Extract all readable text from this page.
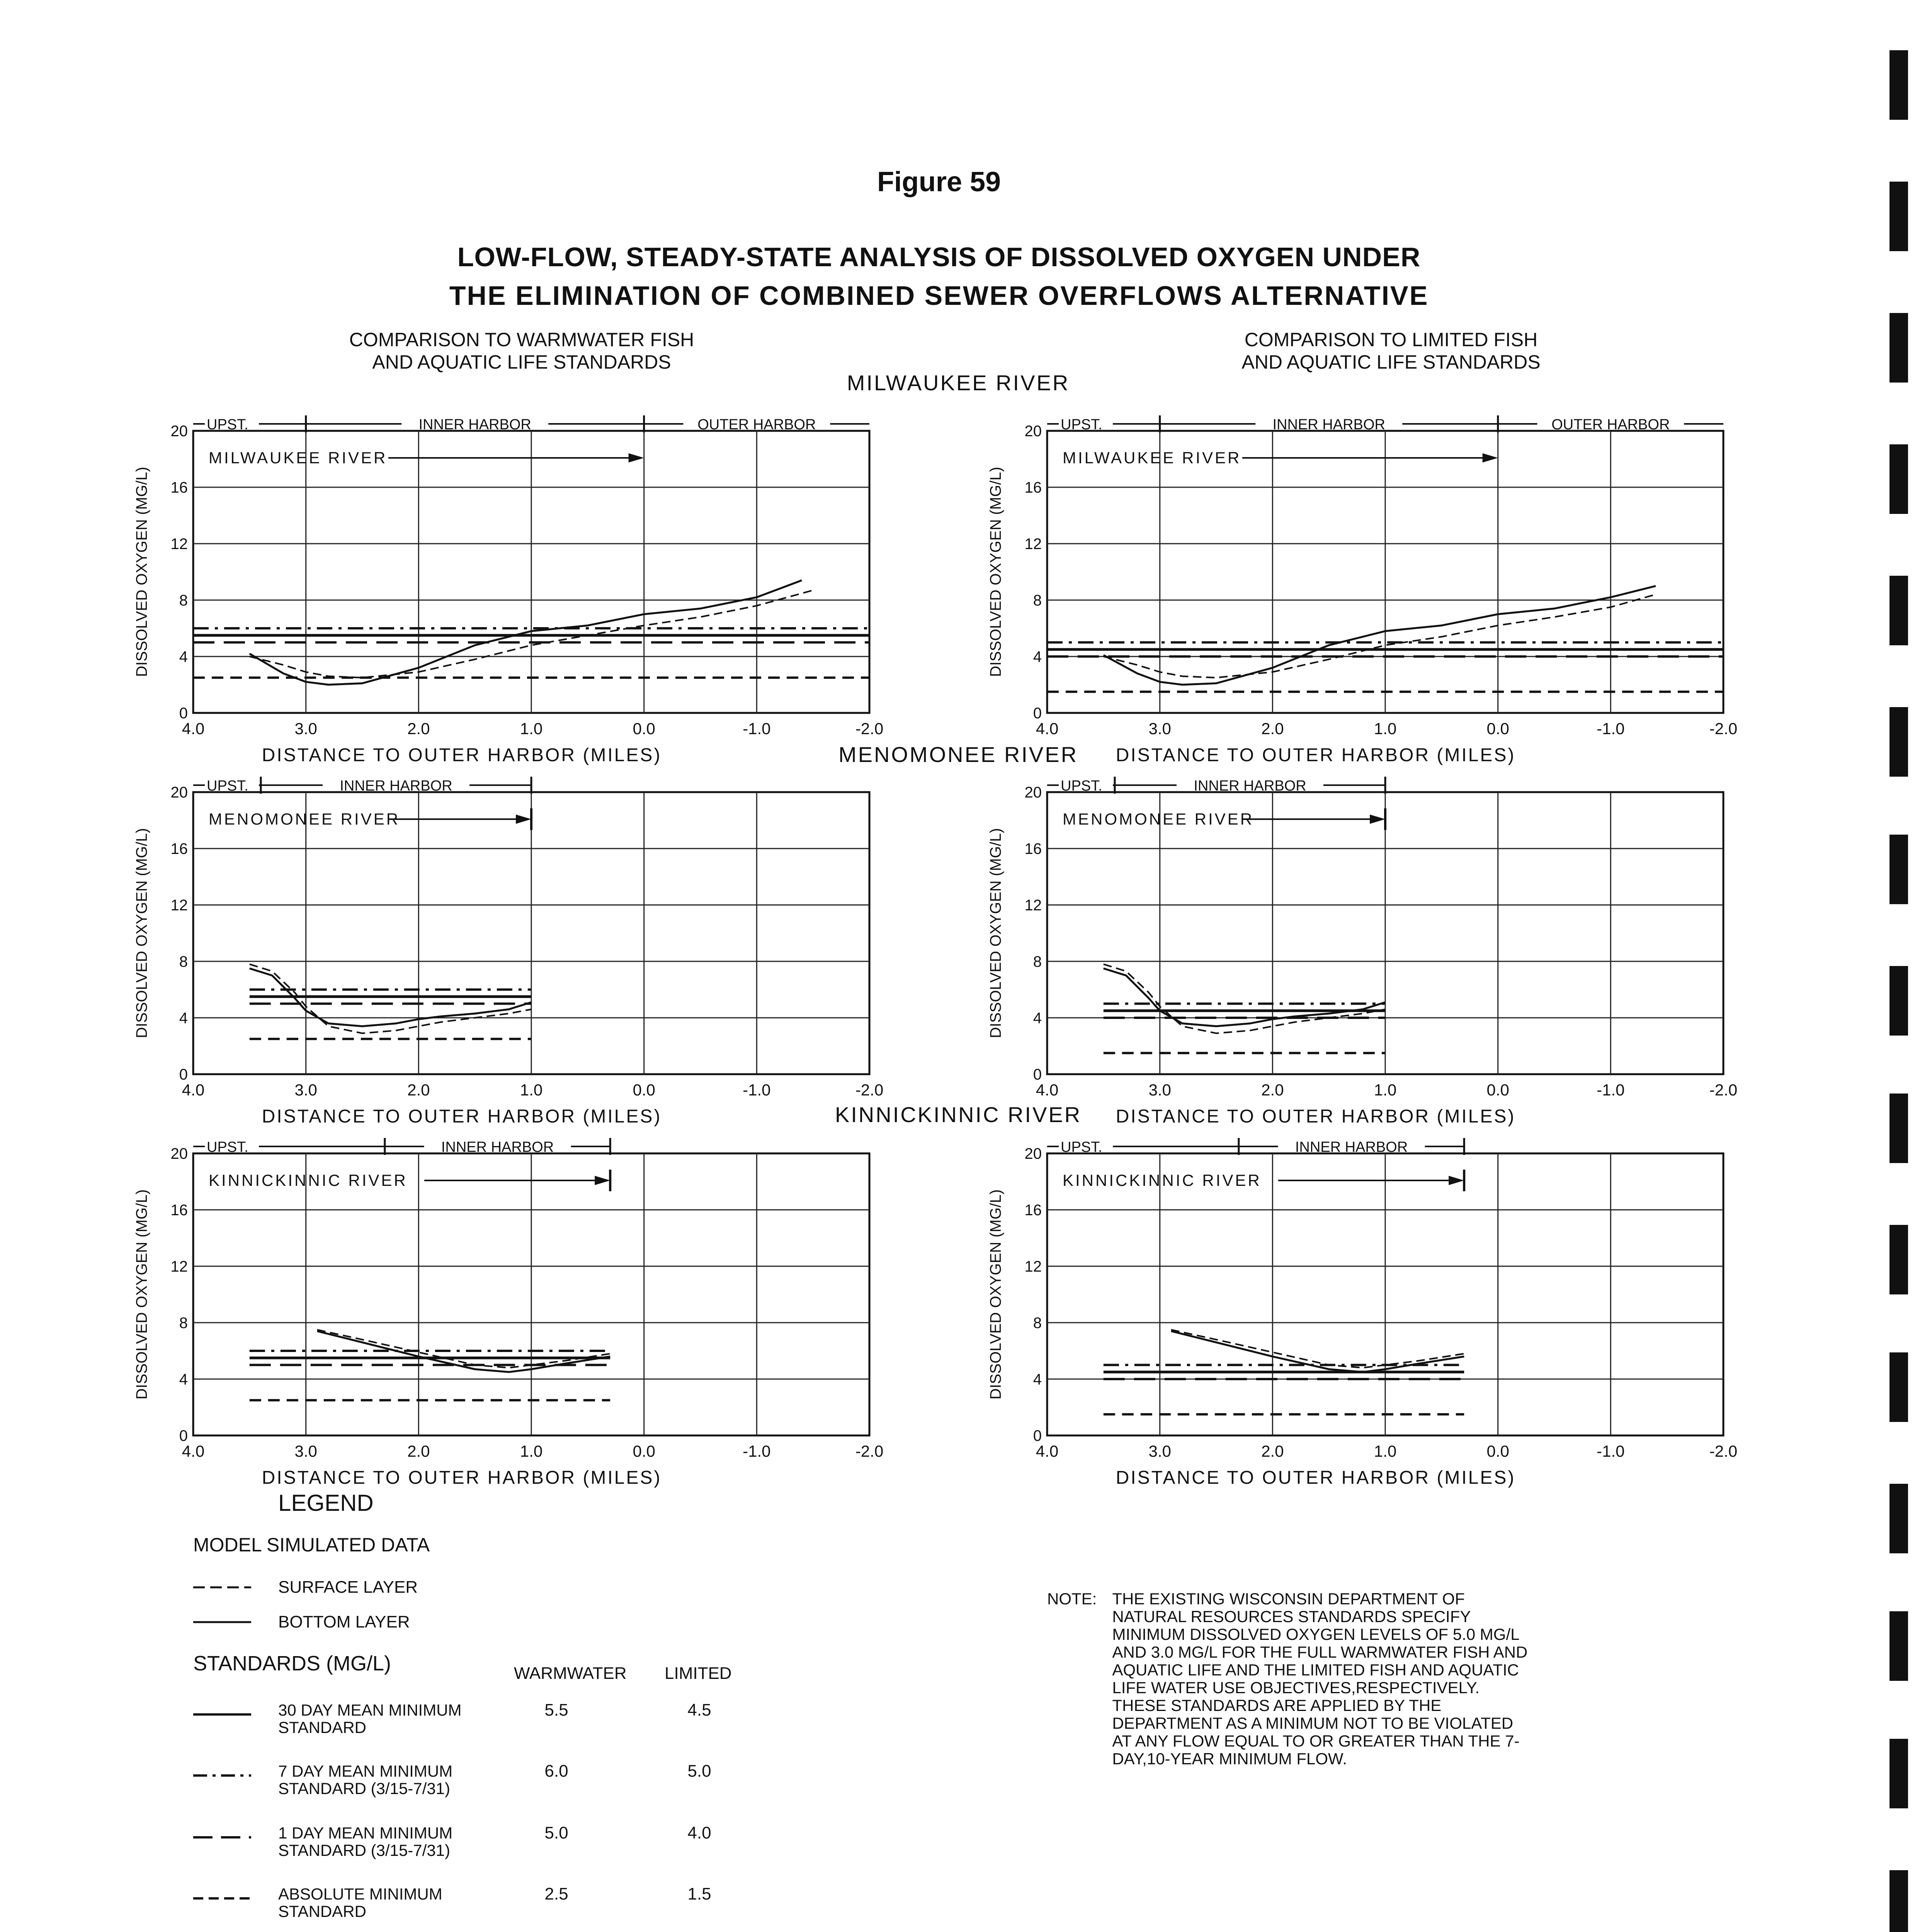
Figure 59
LOW-FLOW, STEADY-STATE ANALYSIS OF DISSOLVED OXYGEN UNDER
THE ELIMINATION OF COMBINED SEWER OVERFLOWS ALTERNATIVE
COMPARISON TO WARMWATER FISH
AND AQUATIC LIFE STANDARDS
COMPARISON TO LIMITED FISH
AND AQUATIC LIFE STANDARDS
MILWAUKEE RIVER
MENOMONEE RIVER
KINNICKINNIC RIVER
DISSOLVED OXYGEN (MG/L)
4.0	3.0	2.0	1.0	0.0	-1.0	-2.0
0
4
8
12
16
20
DISTANCE TO OUTER HARBOR (MILES)
UPST.	INNER HARBOR	OUTER HARBOR
MILWAUKEE RIVER
DISSOLVED OXYGEN (MG/L)
4.0	3.0	2.0	1.0	0.0	-1.0	-2.0
0
4
8
12
16
20
DISTANCE TO OUTER HARBOR (MILES)
UPST.	INNER HARBOR	OUTER HARBOR
MILWAUKEE RIVER
DISSOLVED OXYGEN (MG/L)
4.0	3.0	2.0	1.0	0.0	-1.0	-2.0
0
4
8
12
16
20
DISTANCE TO OUTER HARBOR (MILES)
UPST.	INNER HARBOR
MENOMONEE RIVER
DISSOLVED OXYGEN (MG/L)
4.0	3.0	2.0	1.0	0.0	-1.0	-2.0
0
4
8
12
16
20
DISTANCE TO OUTER HARBOR (MILES)
UPST.	INNER HARBOR
MENOMONEE RIVER
DISSOLVED OXYGEN (MG/L)
4.0	3.0	2.0	1.0	0.0	-1.0	-2.0
0
4
8
12
16
20
DISTANCE TO OUTER HARBOR (MILES)
UPST.	INNER HARBOR
KINNICKINNIC RIVER
DISSOLVED OXYGEN (MG/L)
4.0	3.0	2.0	1.0	0.0	-1.0	-2.0
0
4
8
12
16
20
DISTANCE TO OUTER HARBOR (MILES)
UPST.	INNER HARBOR
KINNICKINNIC RIVER
LEGEND
MODEL SIMULATED DATA
SURFACE LAYER
BOTTOM LAYER
STANDARDS (MG/L)	WARMWATER LIMITED
30 DAY MEAN MINIMUM
STANDARD
5.5	4.5
7 DAY MEAN MINIMUM
STANDARD (3/15-7/31)
6.0	5.0
1 DAY MEAN MINIMUM
STANDARD (3/15-7/31)
5.0	4.0
ABSOLUTE MINIMUM
STANDARD
2.5	1.5
NOTE: THE EXISTING WISCONSIN DEPARTMENT OF NATURAL RESOURCES STANDARDS SPECIFY MINIMUM DISSOLVED OXYGEN LEVELS OF 5.0 MG/L AND 3.0 MG/L FOR THE FULL WARMWATER FISH AND AQUATIC LIFE AND THE LIMITED FISH AND AQUATIC LIFE WATER USE OBJECTIVES,RESPECTIVELY. THESE STANDARDS ARE APPLIED BY THE DEPARTMENT AS A MINIMUM NOT TO BE VIOLATED AT ANY FLOW EQUAL TO OR GREATER THAN THE 7-DAY,10-YEAR MINIMUM FLOW.
